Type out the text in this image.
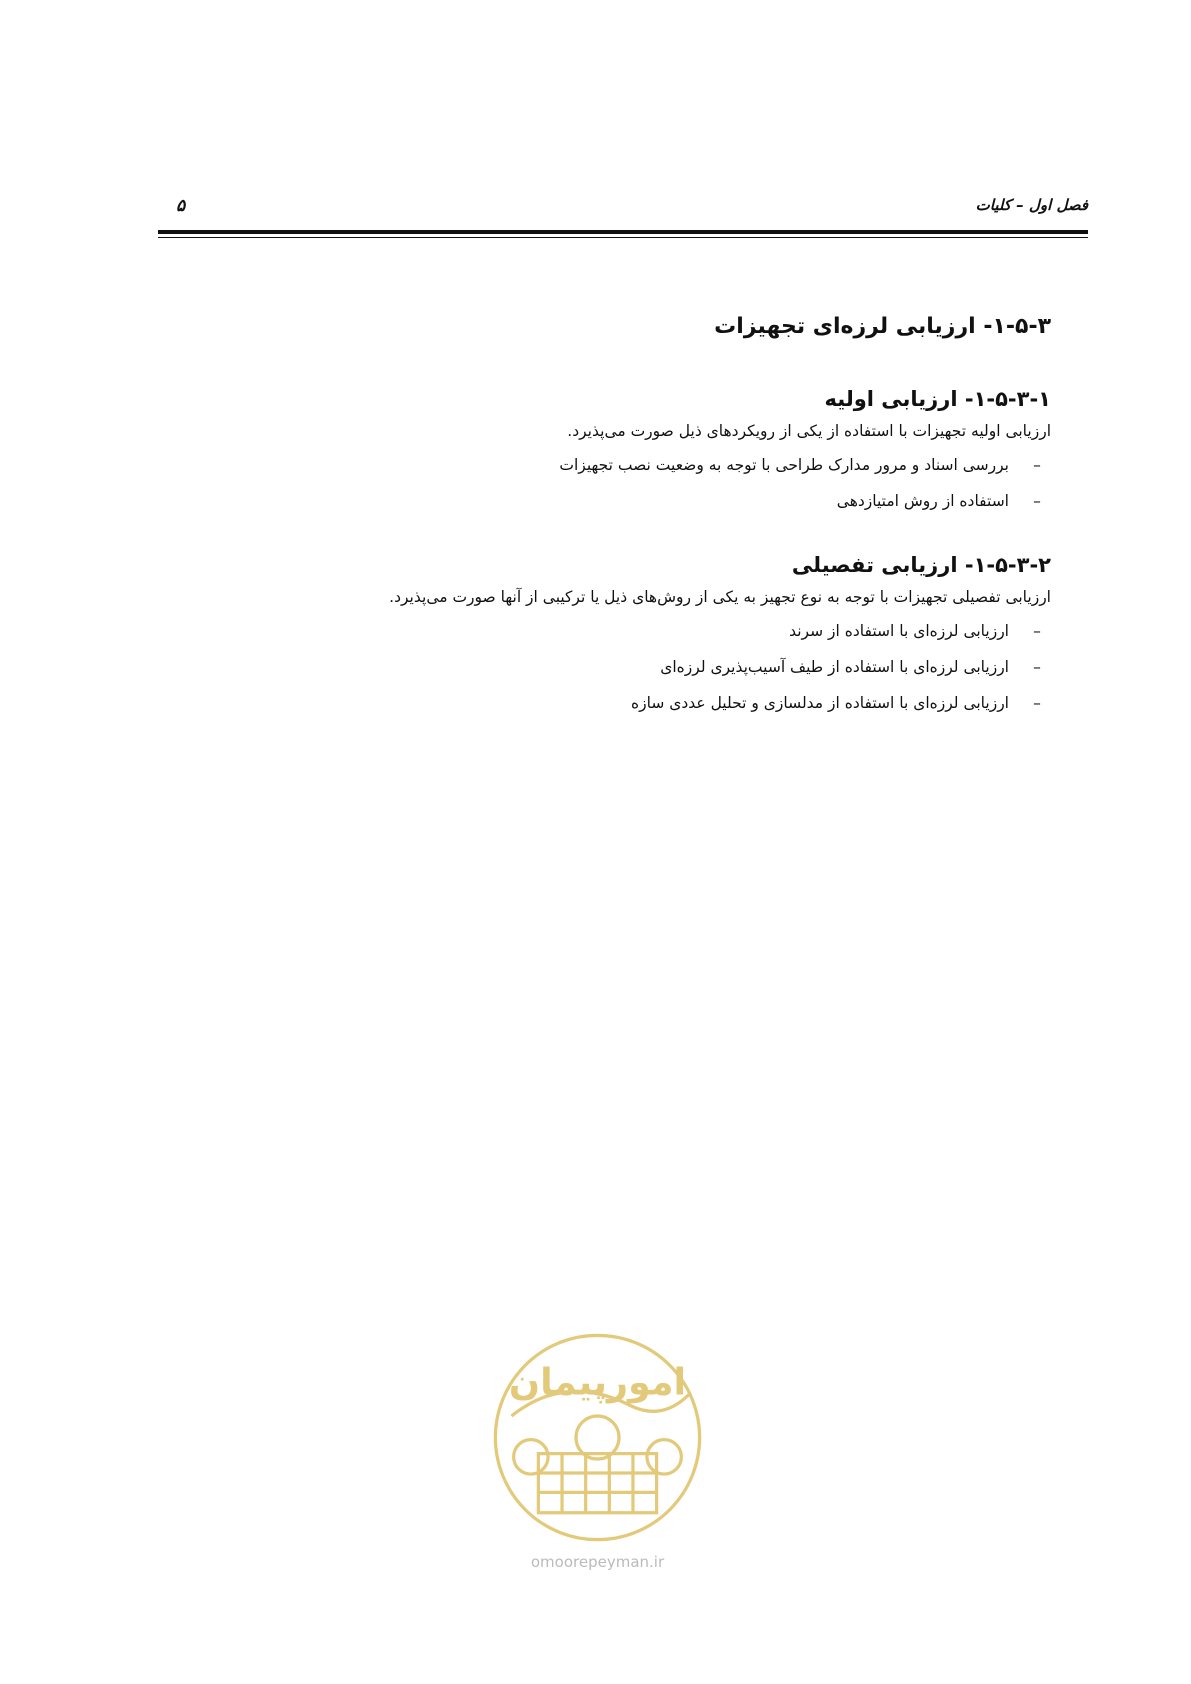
فصل اول – کلیات
۵
۱-۵-۳- ارزیابی لرزه‌ای تجهیزات
۱-۵-۳-۱- ارزیابی اولیه

ارزیابی اولیه تجهیزات با استفاده از یکی از رویکردهای ذیل صورت می‌پذیرد.

–بررسی اسناد و مرور مدارک طراحی با توجه به وضعیت نصب تجهیزات
–استفاده از روش امتیازدهی
۱-۵-۳-۲- ارزیابی تفصیلی

ارزیابی تفصیلی تجهیزات با توجه به نوع تجهیز به یکی از روش‌های ذیل یا ترکیبی از آنها صورت می‌پذیرد.

–ارزیابی لرزه‌ای با استفاده از سرند
–ارزیابی لرزه‌ای با استفاده از طیف آسیب‌پذیری لرزه‌ای
–ارزیابی لرزه‌ای با استفاده از مدلسازی و تحلیل عددی سازه
امورپیمان
omoorepeyman.ir
